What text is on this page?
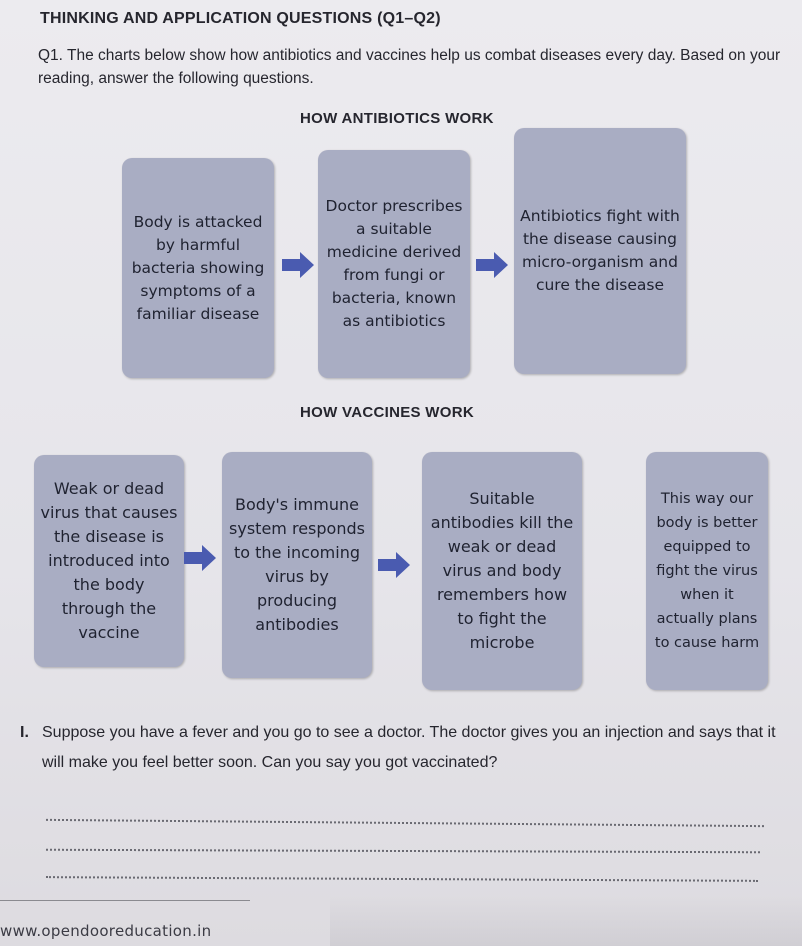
THINKING AND APPLICATION QUESTIONS (Q1–Q2)
Q1. The charts below show how antibiotics and vaccines help us combat diseases every day. Based on your reading, answer the following questions.
HOW ANTIBIOTICS WORK
Body is attacked by harmful bacteria showing symptoms of a familiar disease
Doctor prescribes a suitable medicine derived from fungi or bacteria, known as antibiotics
Antibiotics fight with the disease causing micro-organism and cure the disease
HOW VACCINES WORK
Weak or dead virus that causes the disease is introduced into the body through the vaccine
Body's immune system responds to the incoming virus by producing antibodies
Suitable antibodies kill the weak or dead virus and body remembers how to fight the microbe
This way our body is better equipped to fight the virus when it actually plans to cause harm
I. Suppose you have a fever and you go to see a doctor. The doctor gives you an injection and says that it will make you feel better soon. Can you say you got vaccinated?
www.opendooreducation.in
